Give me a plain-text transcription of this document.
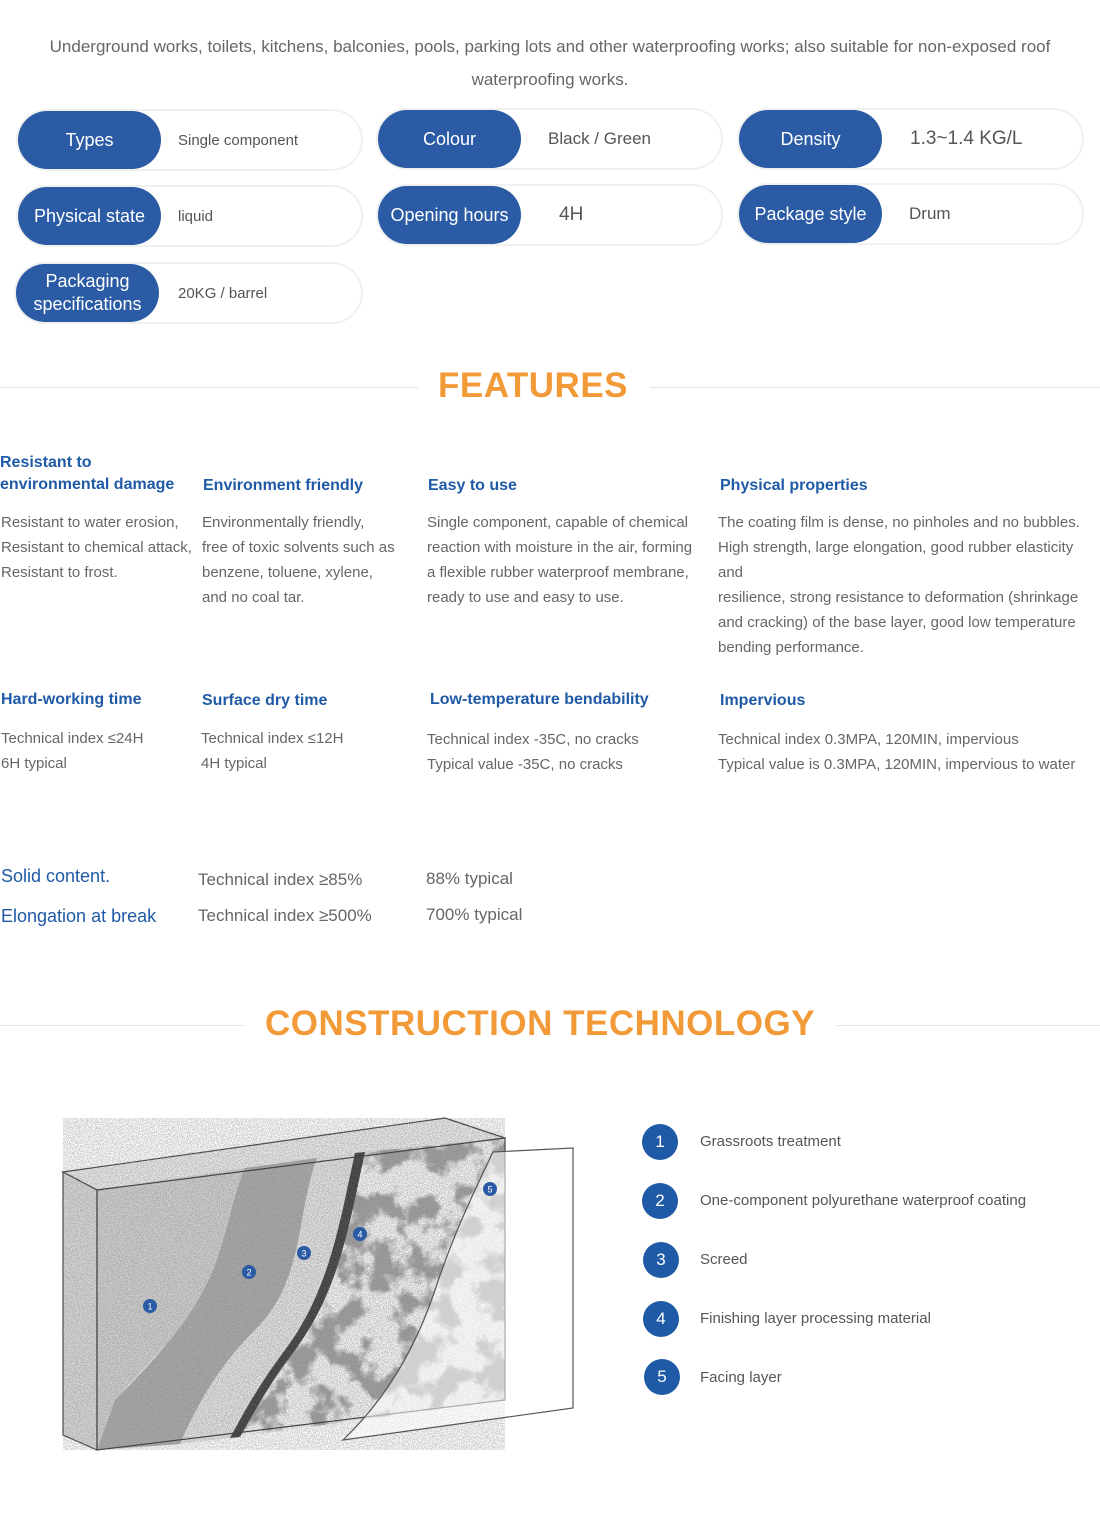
Underground works, toilets, kitchens, balconies, pools, parking lots and other waterproofing works; also suitable for non-exposed roof
waterproofing works.
Types	Single component	Colour	Black / Green	Density	1.3~1.4 KG/L
Physical state	liquid	Opening hours	4H	Package style	Drum
Packaging
specifications
20KG / barrel
FEATURES
Resistant to
environmental damage
Resistant to water erosion,
Resistant to chemical attack,
Resistant to frost.
Environment friendly
Environmentally friendly,
free of toxic solvents such as
benzene, toluene, xylene,
and no coal tar.
Easy to use
Single component, capable of chemical
reaction with moisture in the air, forming
a flexible rubber waterproof membrane,
ready to use and easy to use.
Physical properties
The coating film is dense, no pinholes and no bubbles.
High strength, large elongation, good rubber elasticity and
resilience, strong resistance to deformation (shrinkage
and cracking) of the base layer, good low temperature
bending performance.
Hard-working time
Technical index ≤24H
6H typical
Surface dry time
Technical index ≤12H
4H typical
Low-temperature bendability
Technical index -35C, no cracks
Typical value -35C, no cracks
Impervious
Technical index 0.3MPA, 120MIN, impervious
Typical value is 0.3MPA, 120MIN, impervious to water
Solid content.	Technical index ≥85%	88% typical
Elongation at break Technical index ≥500%	700% typical
CONSTRUCTION TECHNOLOGY
1
2
3
4
5
1	Grassroots treatment
2	One-component polyurethane waterproof coating
3	Screed
4	Finishing layer processing material
5	Facing layer
